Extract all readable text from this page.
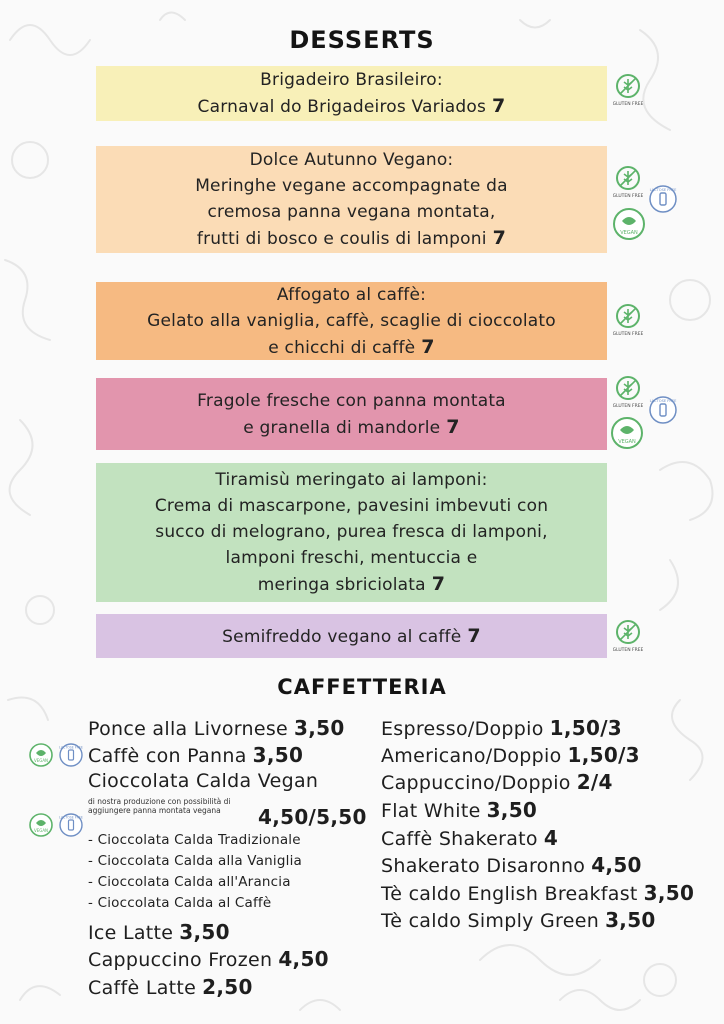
DESSERTS
Brigadeiro Brasileiro:
Carnaval do Brigadeiros Variados 7
Dolce Autunno Vegano:
Meringhe vegane accompagnate da
cremosa panna vegana montata,
frutti di bosco e coulis di lamponi 7
Affogato al caffè:
Gelato alla vaniglia, caffè, scaglie di cioccolato
e chicchi di caffè 7
Fragole fresche con panna montata
e granella di mandorle 7
Tiramisù meringato ai lamponi:
Crema di mascarpone, pavesini imbevuti con
succo di melograno, purea fresca di lamponi,
lamponi freschi, mentuccia e
meringa sbriciolata 7
Semifreddo vegano al caffè 7
GLUTEN FREE
GLUTEN FREE
LACTOSE FREE
VEGAN
GLUTEN FREE
GLUTEN FREE
LACTOSE FREE
VEGAN
GLUTEN FREE
CAFFETTERIA
Ponce alla Livornese 3,50
Caffè con Panna 3,50
Cioccolata Calda Vegan
di nostra produzione con possibilità di aggiungere panna montata vegana	4,50/5,50
- Cioccolata Calda Tradizionale
- Cioccolata Calda alla Vaniglia
- Cioccolata Calda all'Arancia
- Cioccolata Calda al Caffè
Ice Latte 3,50
Cappuccino Frozen 4,50
Caffè Latte 2,50
VEGAN
LACTOSE FREE
VEGAN
LACTOSE FREE
Espresso/Doppio 1,50/3
Americano/Doppio 1,50/3
Cappuccino/Doppio 2/4
Flat White 3,50
Caffè Shakerato 4
Shakerato Disaronno 4,50
Tè caldo English Breakfast 3,50
Tè caldo Simply Green 3,50
